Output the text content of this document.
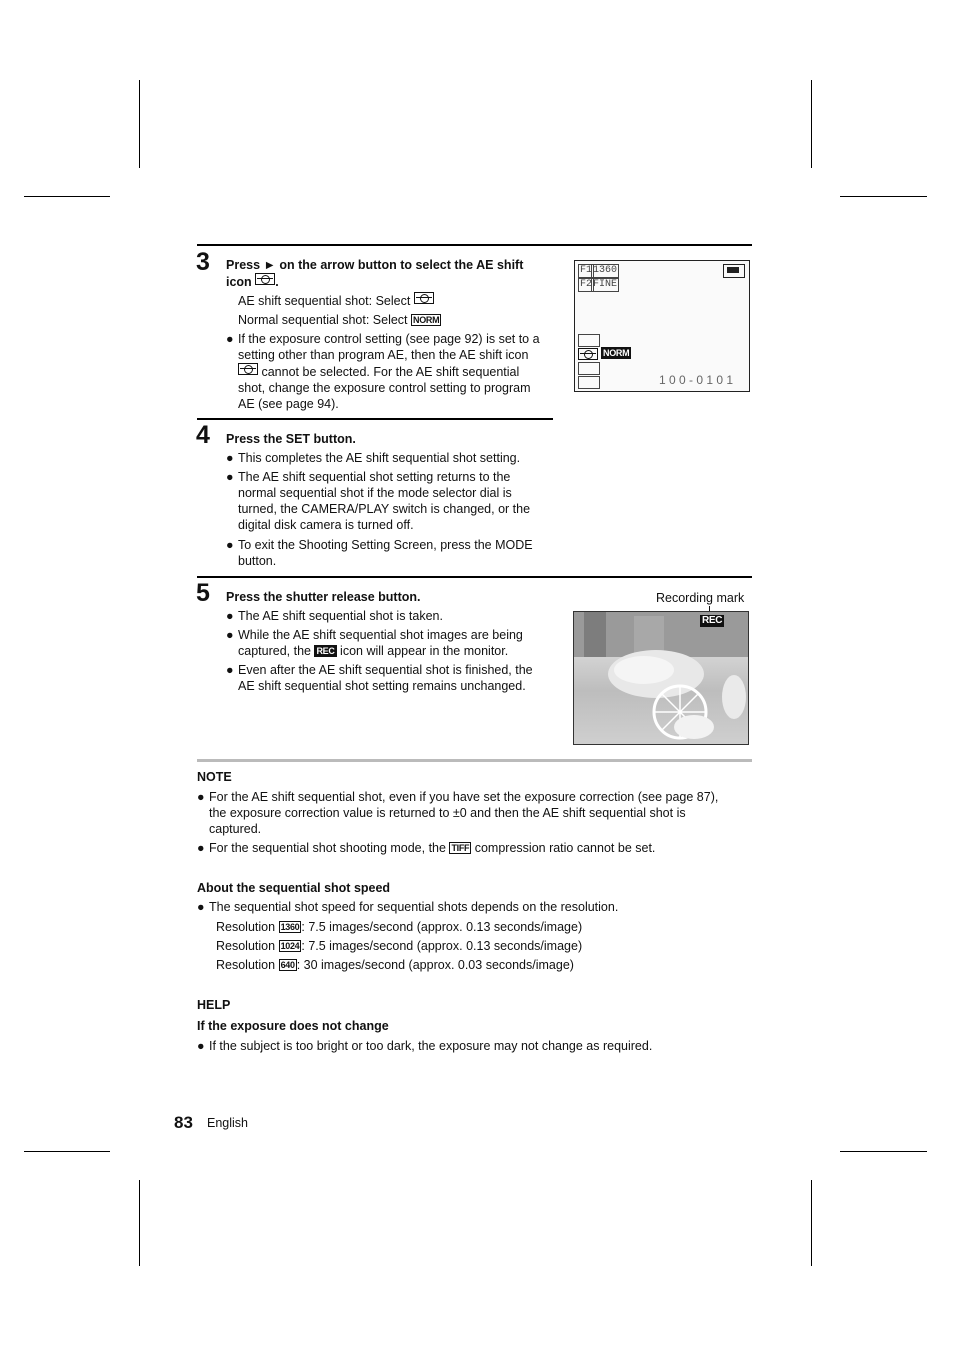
3 Press ► on the arrow button to select the AE shift
icon .
AE shift sequential shot: Select
Normal sequential shot: Select NORM
● If the exposure control setting (see page 92) is set to a
setting other than program AE, then the AE shift icon
cannot be selected. For the AE shift sequential
shot, change the exposure control setting to program
AE (see page 94).
F1 1360
F2 FINE
NORM
1 0 0 - 0 1 0 1
4 Press the SET button.
● This completes the AE shift sequential shot setting.
● The AE shift sequential shot setting returns to the
normal sequential shot if the mode selector dial is
turned, the CAMERA/PLAY switch is changed, or the
digital disk camera is turned off.
● To exit the Shooting Setting Screen, press the MODE
button.
5 Press the shutter release button.
● The AE shift sequential shot is taken.
● While the AE shift sequential shot images are being
captured, the REC icon will appear in the monitor.
● Even after the AE shift sequential shot is finished, the
AE shift sequential shot setting remains unchanged.
Recording mark
REC
NOTE
● For the AE shift sequential shot, even if you have set the exposure correction (see page 87),
the exposure correction value is returned to ±0 and then the AE shift sequential shot is
captured.
● For the sequential shot shooting mode, the TIFF compression ratio cannot be set.
About the sequential shot speed
● The sequential shot speed for sequential shots depends on the resolution.
Resolution 1360 : 7.5 images/second (approx. 0.13 seconds/image)
Resolution 1024 : 7.5 images/second (approx. 0.13 seconds/image)
Resolution 640 : 30 images/second (approx. 0.03 seconds/image)
HELP
If the exposure does not change
● If the subject is too bright or too dark, the exposure may not change as required.
83 English
